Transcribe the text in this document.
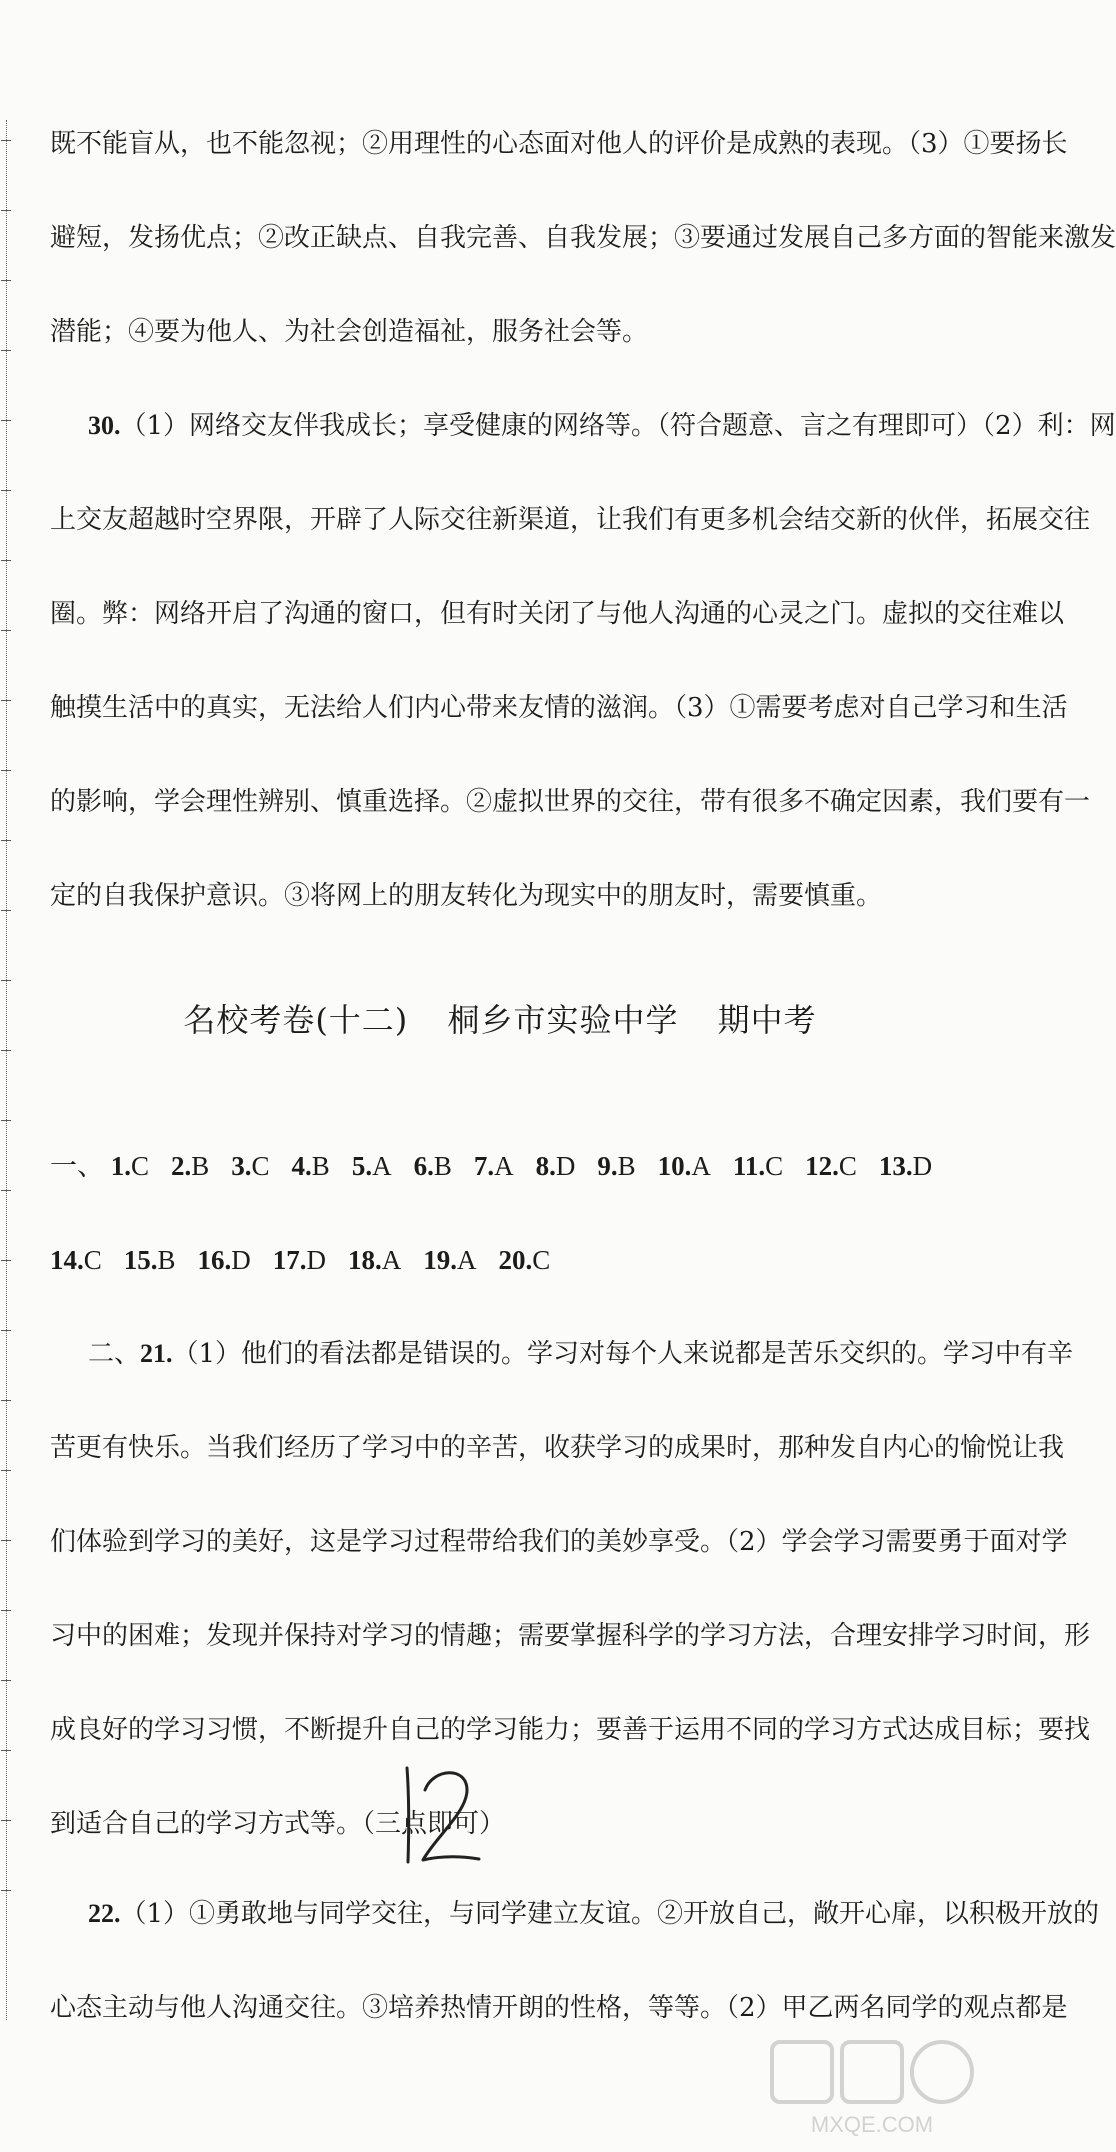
既不能盲从，也不能忽视；②用理性的心态面对他人的评价是成熟的表现。（3）①要扬长

避短，发扬优点；②改正缺点、自我完善、自我发展；③要通过发展自己多方面的智能来激发

潜能；④要为他人、为社会创造福祉，服务社会等。

30.（1）网络交友伴我成长；享受健康的网络等。（符合题意、言之有理即可）（2）利：网

上交友超越时空界限，开辟了人际交往新渠道，让我们有更多机会结交新的伙伴，拓展交往

圈。弊：网络开启了沟通的窗口，但有时关闭了与他人沟通的心灵之门。虚拟的交往难以

触摸生活中的真实，无法给人们内心带来友情的滋润。（3）①需要考虑对自己学习和生活

的影响，学会理性辨别、慎重选择。②虚拟世界的交往，带有很多不确定因素，我们要有一

定的自我保护意识。③将网上的朋友转化为现实中的朋友时，需要慎重。

名校考卷(十二) 桐乡市实验中学 期中考
一、 1.C 2.B 3.C 4.B 5.A 6.B 7.A 8.D 9.B 10.A 11.C 12.C 13.D
14.C 15.B 16.D 17.D 18.A 19.A 20.C

二、21.（1）他们的看法都是错误的。学习对每个人来说都是苦乐交织的。学习中有辛

苦更有快乐。当我们经历了学习中的辛苦，收获学习的成果时，那种发自内心的愉悦让我

们体验到学习的美好，这是学习过程带给我们的美妙享受。（2）学会学习需要勇于面对学

习中的困难；发现并保持对学习的情趣；需要掌握科学的学习方法，合理安排学习时间，形

成良好的学习习惯，不断提升自己的学习能力；要善于运用不同的学习方式达成目标；要找

到适合自己的学习方式等。（三点即可）

22.（1）①勇敢地与同学交往，与同学建立友谊。②开放自己，敞开心扉，以积极开放的

心态主动与他人沟通交往。③培养热情开朗的性格，等等。（2）甲乙两名同学的观点都是

MXQE.COM
